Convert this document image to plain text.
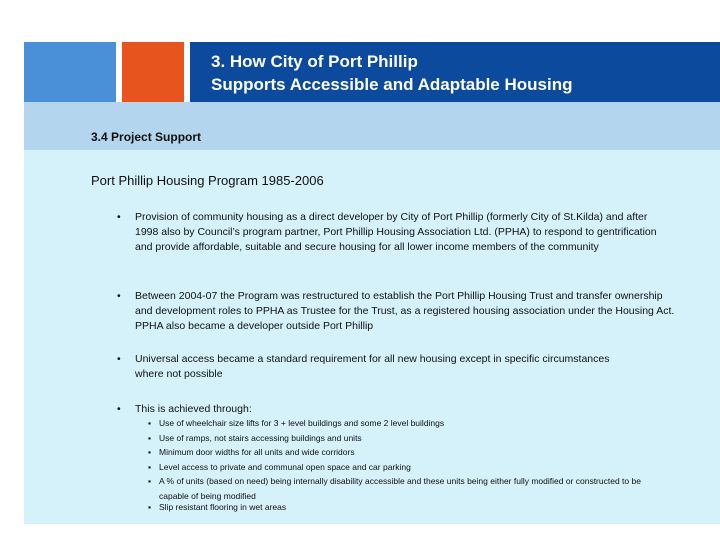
3. How City of Port Phillip
Supports Accessible and Adaptable Housing
3.4 Project Support
Port Phillip Housing Program 1985-2006
• Provision of community housing as a direct developer by City of Port Phillip (formerly City of St.Kilda) and after 1998 also by Council’s program partner, Port Phillip Housing Association Ltd. (PPHA) to respond to gentrification and provide affordable, suitable and secure housing for all lower income members of the community
• Between 2004-07 the Program was restructured to establish the Port Phillip Housing Trust and transfer ownership and development roles to PPHA as Trustee for the Trust, as a registered housing association under the Housing Act. PPHA also became a developer outside Port Phillip
• Universal access became a standard requirement for all new housing except in specific circumstances where not possible
• This is achieved through:
▪ Use of wheelchair size lifts for 3 + level buildings and some 2 level buildings
▪ Use of ramps, not stairs accessing buildings and units
▪ Minimum door widths for all units and wide corridors
▪ Level access to private and communal open space and car parking
▪ A % of units (based on need) being internally disability accessible and these units being either fully modified or constructed to be capable of being modified
▪ Slip resistant flooring in wet areas
